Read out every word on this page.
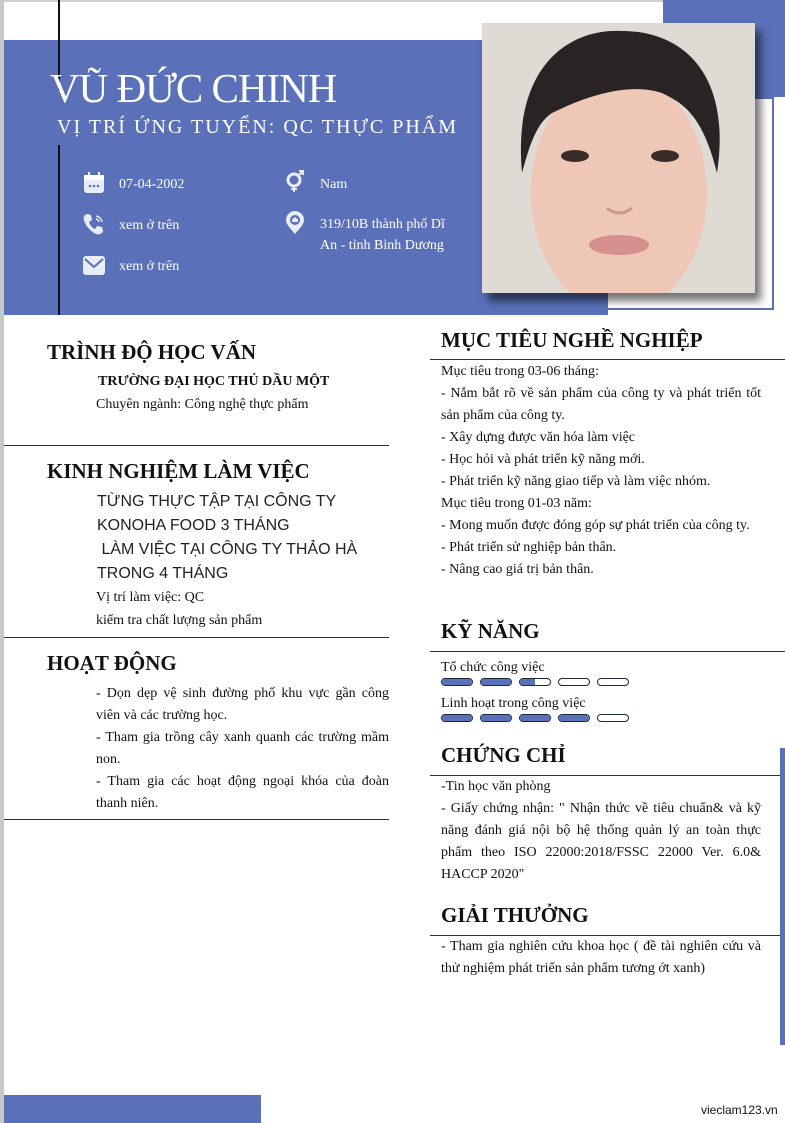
VŨ ĐỨC CHINH
VỊ TRÍ ỨNG TUYỂN: QC THỰC PHẨM
07-04-2002	Nam
xem ở trên	319/10B thành phố Dĩ An - tỉnh Bình Dương
xem ở trên
TRÌNH ĐỘ HỌC VẤN
TRƯỜNG ĐẠI HỌC THỦ DẦU MỘT
Chuyên ngành: Công nghệ thực phẩm
KINH NGHIỆM LÀM VIỆC
TỪNG THỰC TẬP TẠI CÔNG TY KONOHA FOOD 3 THÁNG
LÀM VIỆC TẠI CÔNG TY THẢO HÀ TRONG 4 THÁNG
Vị trí làm việc: QC
kiểm tra chất lượng sản phẩm
HOẠT ĐỘNG
- Dọn dẹp vệ sinh đường phố khu vực gần công viên và các trường học.
- Tham gia trồng cây xanh quanh các trường mầm non.
- Tham gia các hoạt động ngoại khóa của đoàn thanh niên.
MỤC TIÊU NGHỀ NGHIỆP
Mục tiêu trong 03-06 tháng:
- Nắm bắt rõ về sản phẩm của công ty và phát triển tốt sản phẩm của công ty.
- Xây dựng được văn hóa làm việc
- Học hỏi và phát triển kỹ năng mới.
- Phát triển kỹ năng giao tiếp và làm việc nhóm.
Mục tiêu trong 01-03 năm:
- Mong muốn được đóng góp sự phát triển của công ty.
- Phát triển sử nghiệp bản thân.
- Nâng cao giá trị bản thân.
KỸ NĂNG
Tổ chức công việc
Linh hoạt trong công việc
CHỨNG CHỈ
-Tin học văn phòng
- Giấy chứng nhận: " Nhận thức về tiêu chuẩn& và kỹ năng đánh giá nội bộ hệ thống quản lý an toàn thực phẩm theo ISO 22000:2018/FSSC 22000 Ver. 6.0& HACCP 2020"
GIẢI THƯỞNG
- Tham gia nghiên cứu khoa học ( đề tài nghiên cứu và thử nghiệm phát triển sản phẩm tương ớt xanh)
vieclam123.vn
